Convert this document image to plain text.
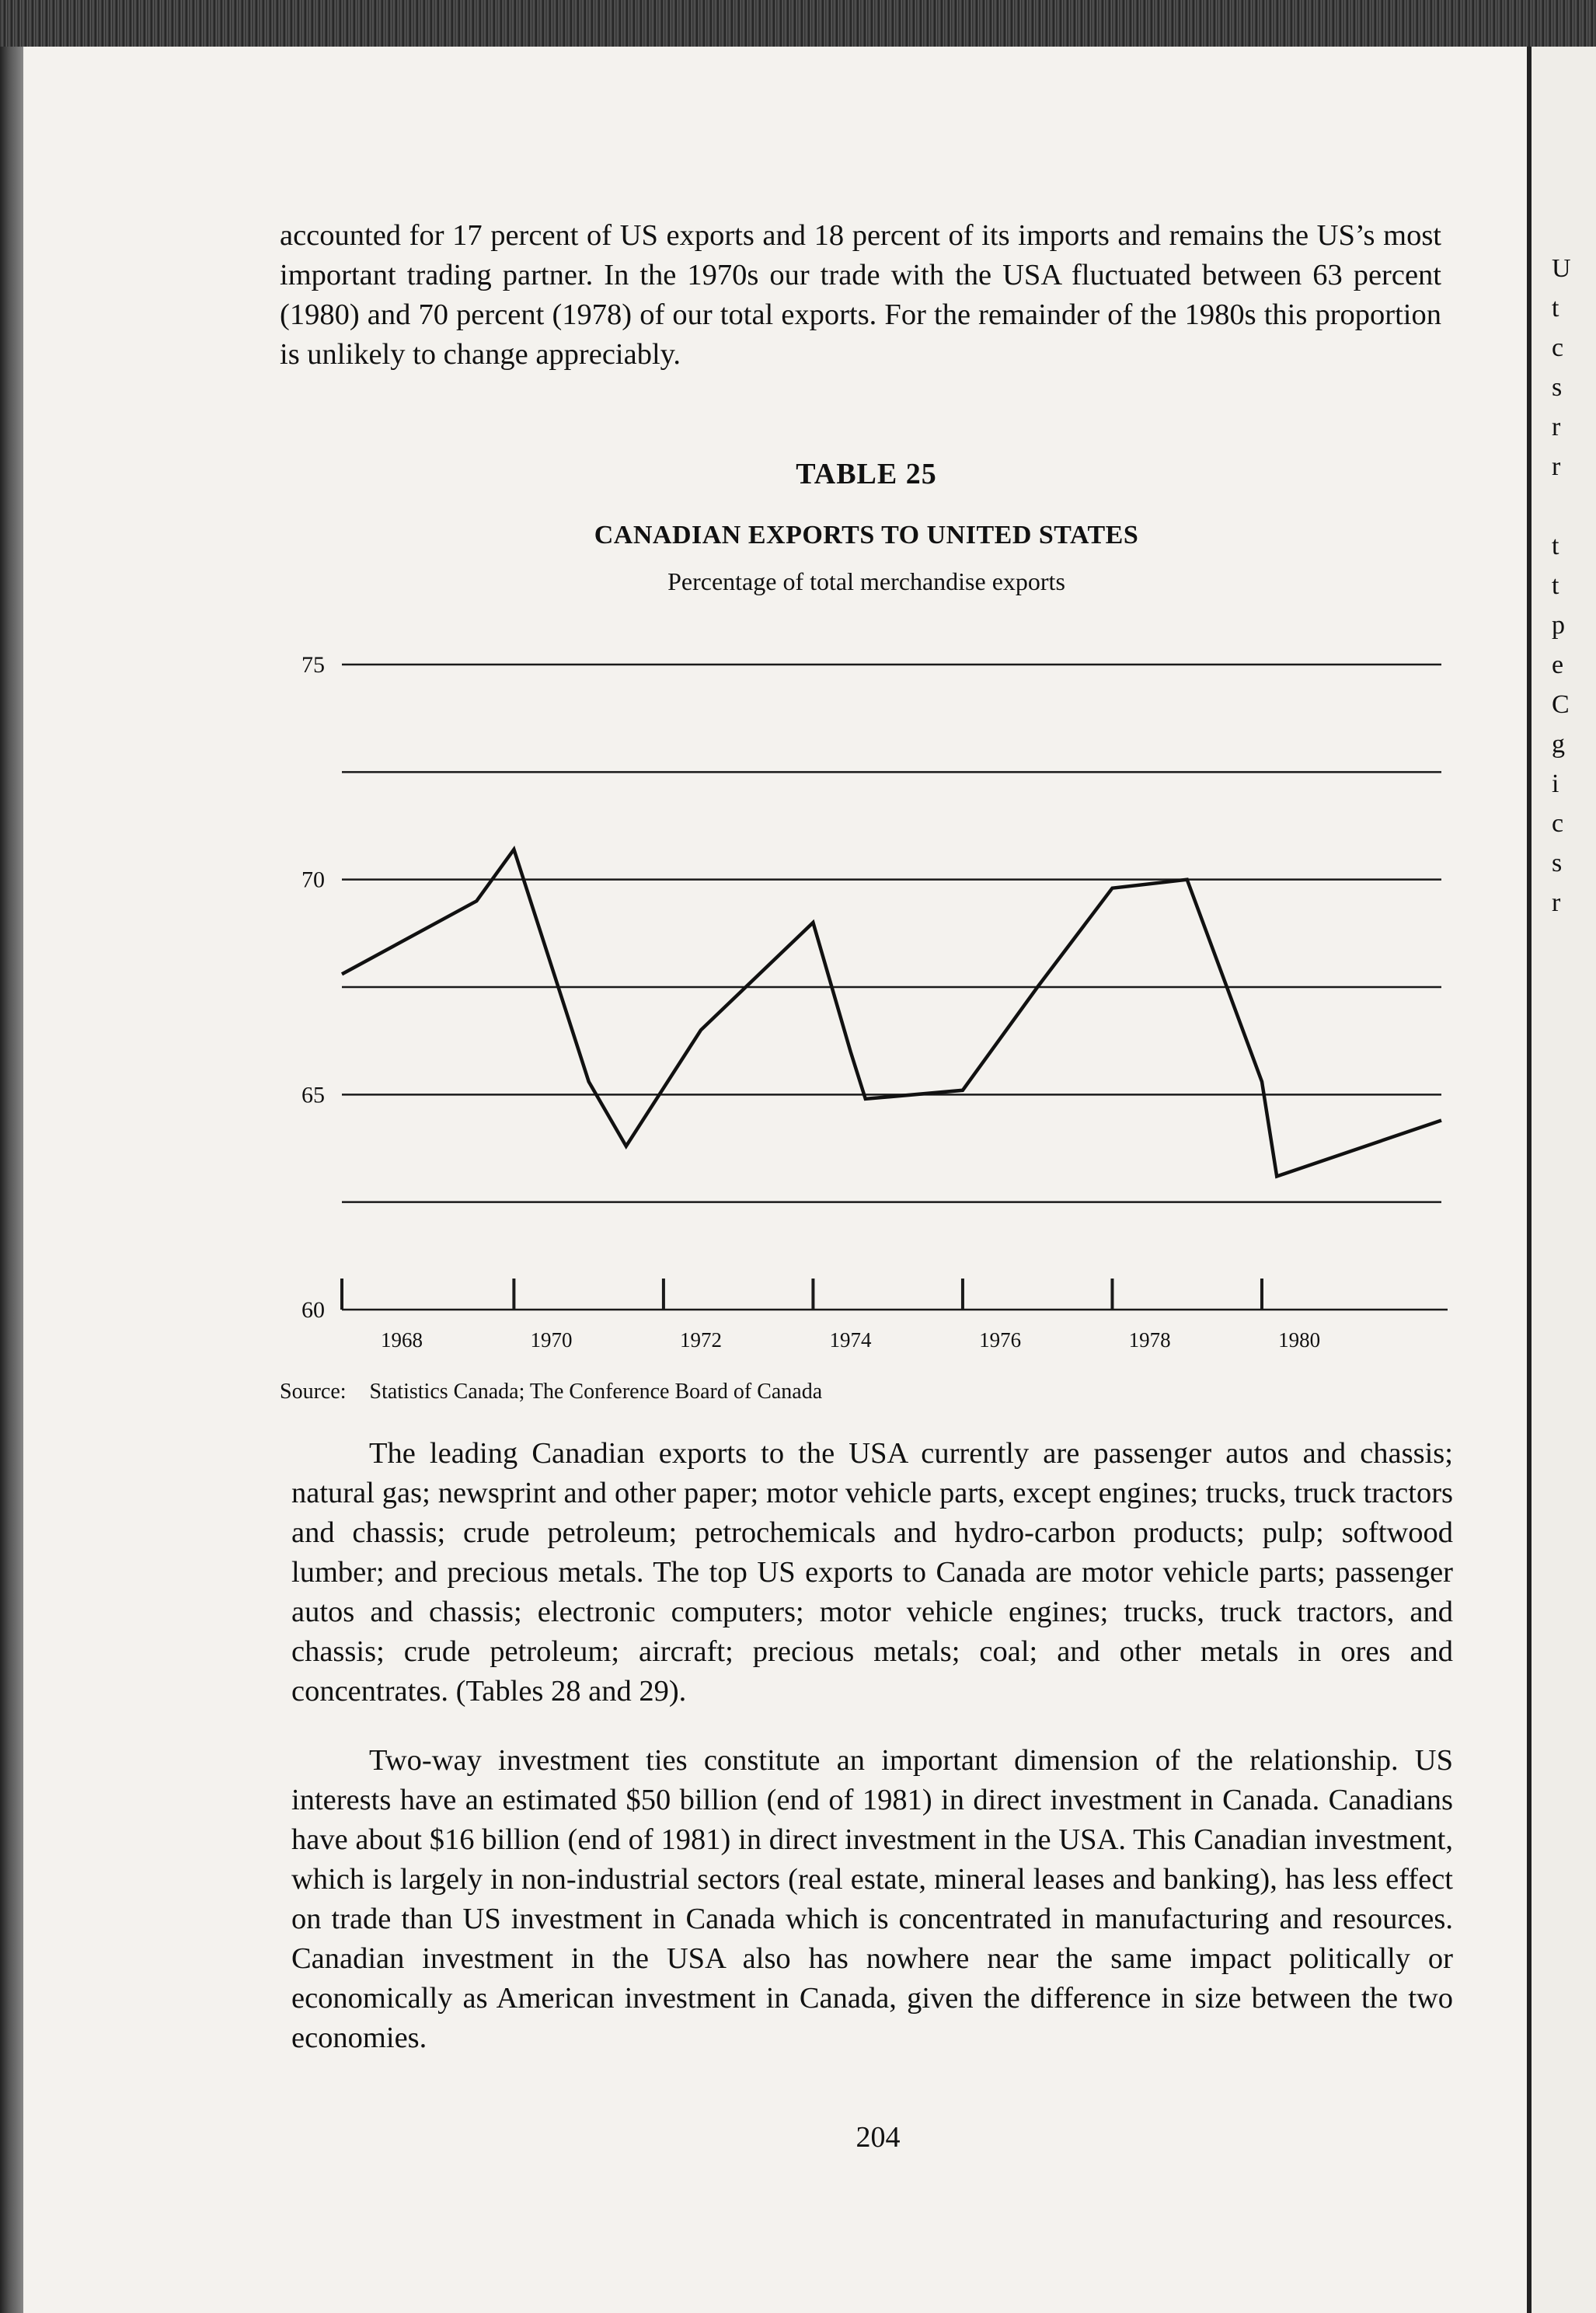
U
t
c
s
r
r
t
t
p
e
C
g
i
c
s
r
accounted for 17 percent of US exports and 18 percent of its imports and remains the US’s most important trading partner. In the 1970s our trade with the USA fluctuated between 63 percent (1980) and 70 percent (1978) of our total exports. For the remainder of the 1980s this proportion is unlikely to change appreciably.
TABLE 25
CANADIAN EXPORTS TO UNITED STATES
Percentage of total merchandise exports
60
65
70
75
1968	1970	1972	1974	1976	1978	1980
Source: Statistics Canada; The Conference Board of Canada
The leading Canadian exports to the USA currently are passenger autos and chassis; natural gas; newsprint and other paper; motor vehicle parts, except engines; trucks, truck tractors and chassis; crude petroleum; petrochemicals and hydro-carbon products; pulp; softwood lumber; and precious metals. The top US exports to Canada are motor vehicle parts; passenger autos and chassis; electronic computers; motor vehicle engines; trucks, truck tractors, and chassis; crude petroleum; aircraft; precious metals; coal; and other metals in ores and concentrates. (Tables 28 and 29).
Two-way investment ties constitute an important dimension of the relationship. US interests have an estimated $50 billion (end of 1981) in direct investment in Canada. Canadians have about $16 billion (end of 1981) in direct investment in the USA. This Canadian investment, which is largely in non-industrial sectors (real estate, mineral leases and banking), has less effect on trade than US investment in Canada which is concentrated in manufacturing and resources. Canadian investment in the USA also has nowhere near the same impact politically or economically as American investment in Canada, given the difference in size between the two economies.
204
